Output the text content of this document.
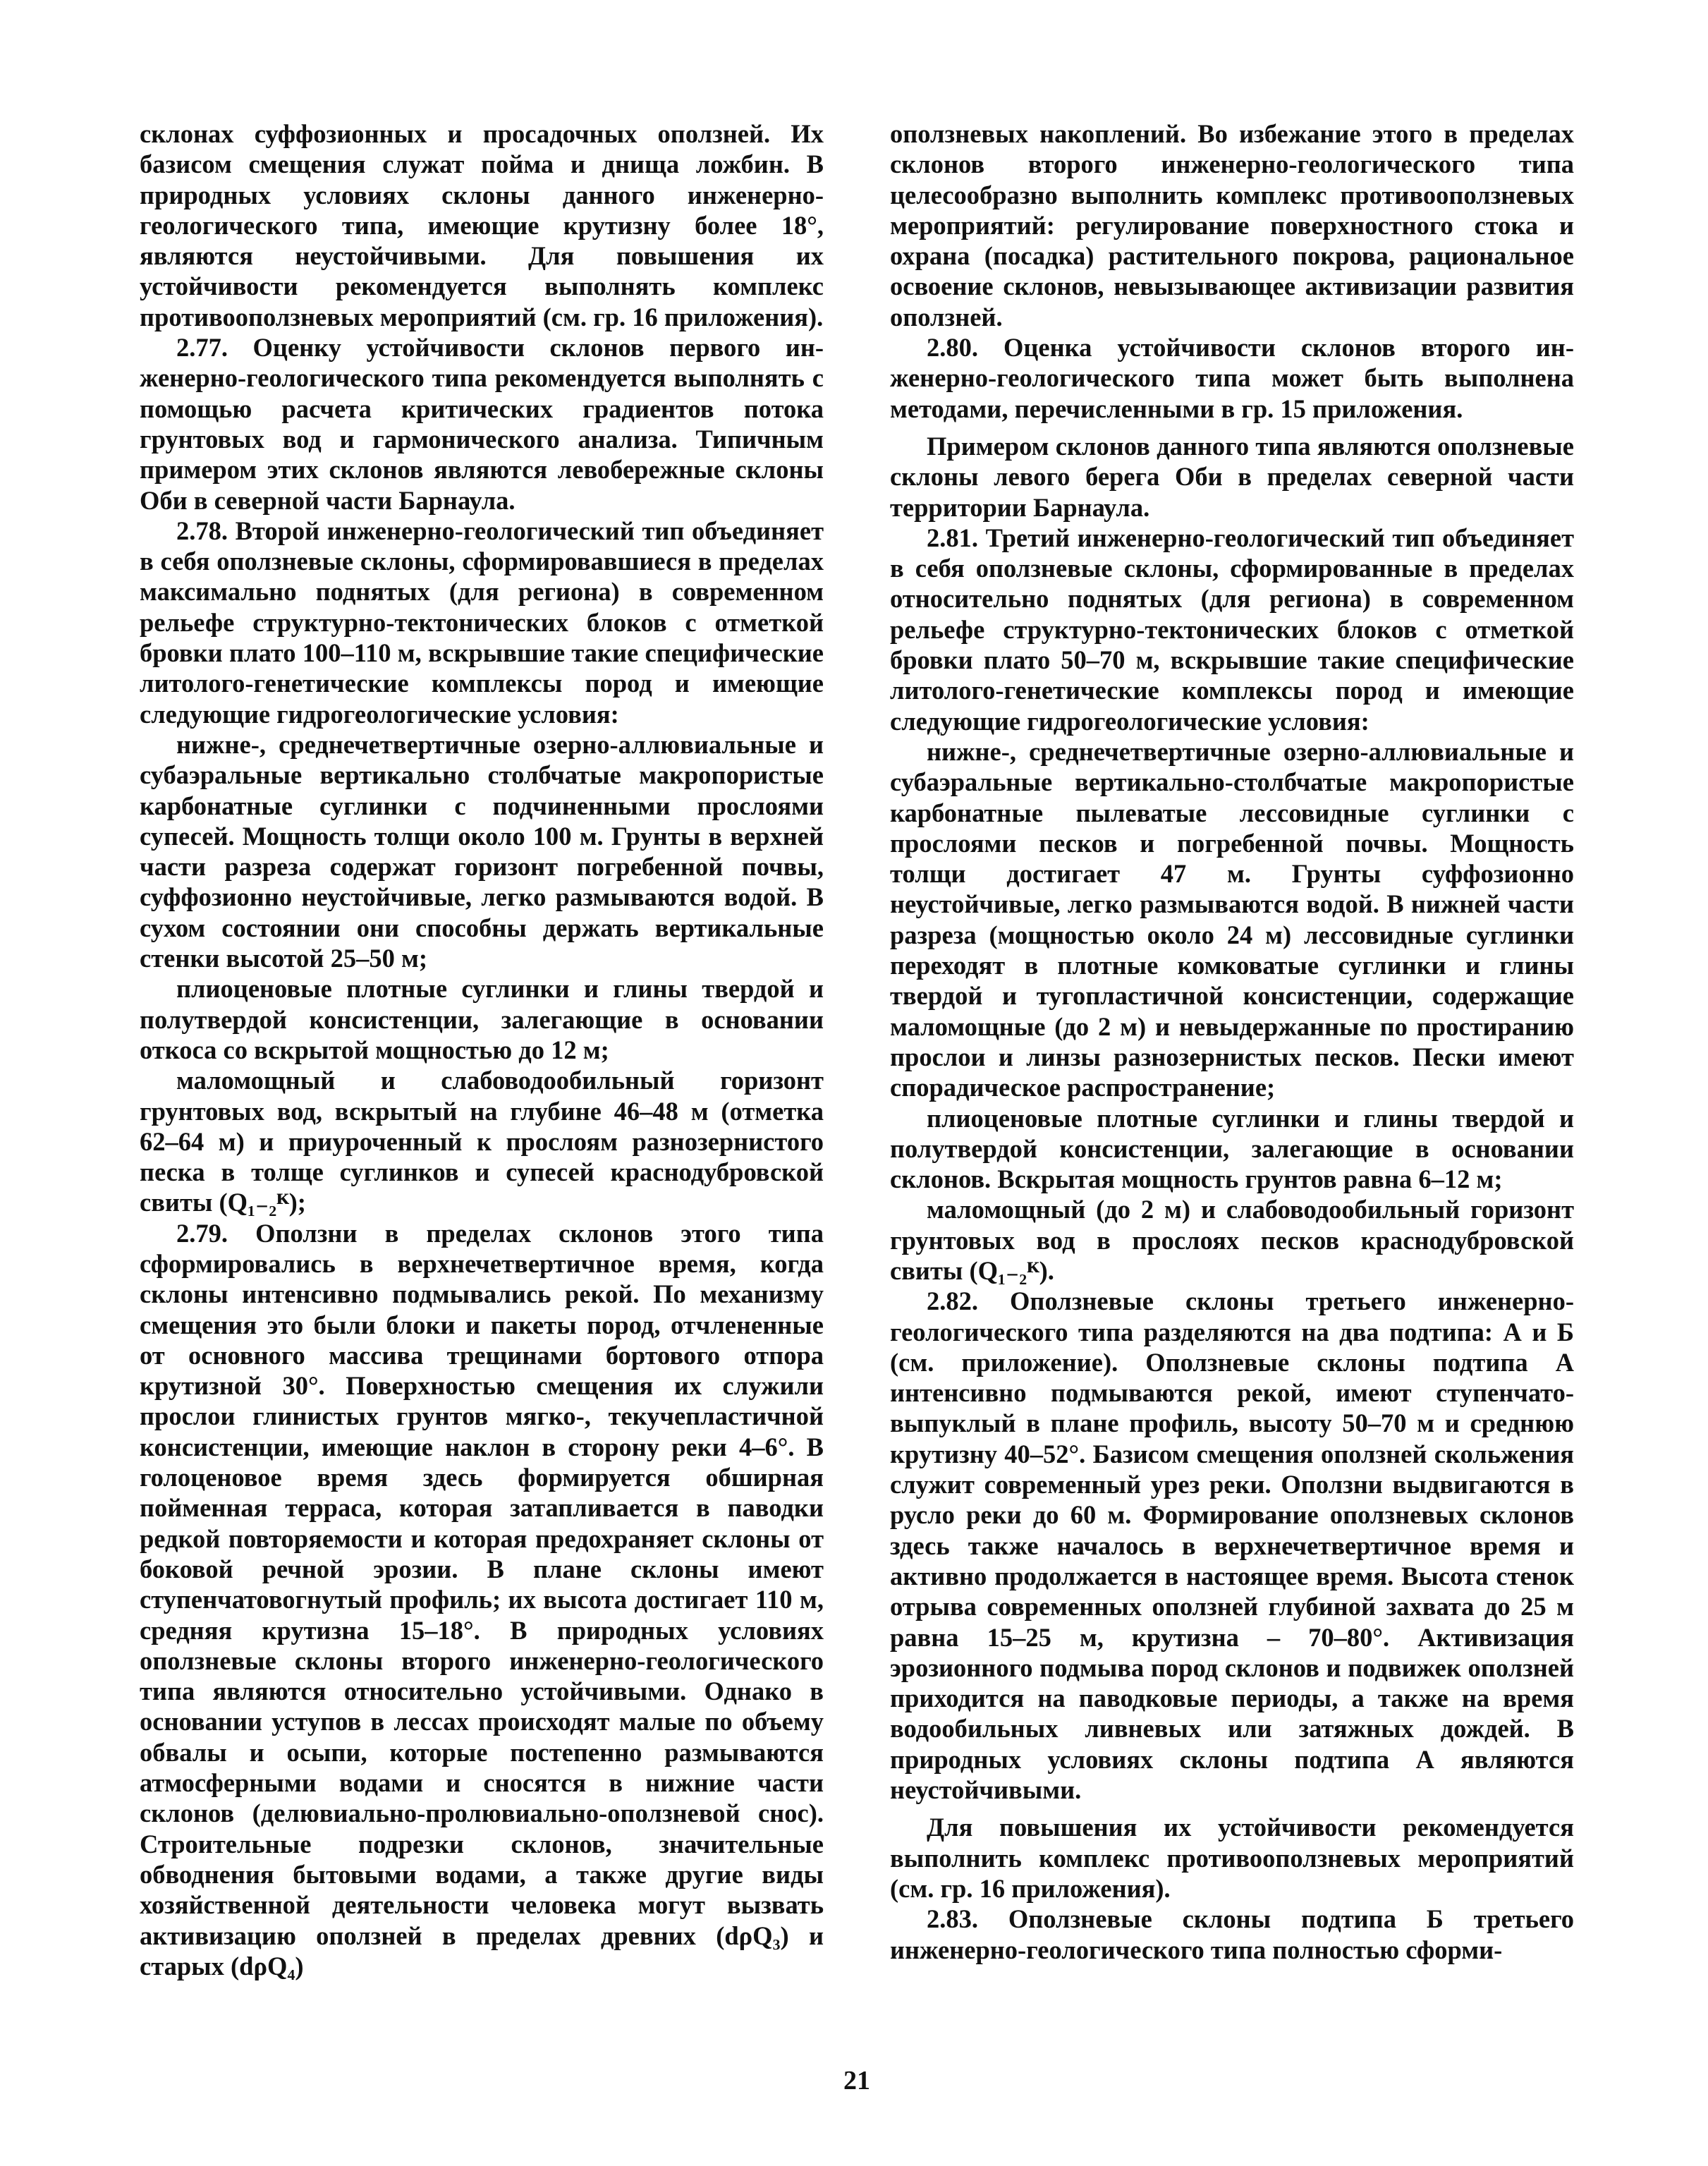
склонах суффозионных и просадочных оползней. Их базисом смещения служат пойма и днища ложбин. В природных условиях склоны данного инженерно-геологического типа, имеющие крутизну более 18°, являются неустойчивыми. Для повышения их устойчивости рекомендуется выполнять комплекс противооползневых мероприятий (см. гр. 16 приложения).

2.77. Оценку устойчивости склонов первого инженерно-геологического типа рекомендуется выполнять с помощью расчета критических градиентов потока грунтовых вод и гармонического анализа. Типичным примером этих склонов являются левобережные склоны Оби в северной части Барнаула.

2.78. Второй инженерно-геологический тип объединяет в себя оползневые склоны, сформировавшиеся в пределах максимально поднятых (для региона) в современном рельефе структурно-тектонических блоков с отметкой бровки плато 100–110 м, вскрывшие такие специфические литолого-генетические комплексы пород и имеющие следующие гидрогеологические условия:

нижне-, среднечетвертичные озерно-аллювиальные и субаэральные вертикально столбчатые макропористые карбонатные суглинки с подчиненными прослоями супесей. Мощность толщи около 100 м. Грунты в верхней части разреза содержат горизонт погребенной почвы, суффозионно неустойчивые, легко размываются водой. В сухом состоянии они способны держать вертикальные стенки высотой 25–50 м;

плиоценовые плотные суглинки и глины твердой и полутвердой консистенции, залегающие в основании откоса со вскрытой мощностью до 12 м;

маломощный и слабоводообильный горизонт грунтовых вод, вскрытый на глубине 46–48 м (отметка 62–64 м) и приуроченный к прослоям разнозернистого песка в толще суглинков и супесей краснодубровской свиты (Q₁₋₂ᴷ);

2.79. Оползни в пределах склонов этого типа сформировались в верхнечетвертичное время, когда склоны интенсивно подмывались рекой. По механизму смещения это были блоки и пакеты пород, отчлененные от основного массива трещинами бортового отпора крутизной 30°. Поверхностью смещения их служили прослои глинистых грунтов мягко-, текучепластичной консистенции, имеющие наклон в сторону реки 4–6°. В голоценовое время здесь формируется обширная пойменная терраса, которая затапливается в паводки редкой повторяемости и которая предохраняет склоны от боковой речной эрозии. В плане склоны имеют ступенчатовогнутый профиль; их высота достигает 110 м, средняя крутизна 15–18°. В природных условиях оползневые склоны второго инженерно-геологического типа являются относительно устойчивыми. Однако в основании уступов в лессах происходят малые по объему обвалы и осыпи, которые постепенно размываются атмосферными водами и сносятся в нижние части склонов (делювиально-пролювиально-оползневой снос). Строительные подрезки склонов, значительные обводнения бытовыми водами, а также другие виды хозяйственной деятельности человека могут вызвать активизацию оползней в пределах древних (dρQ₃) и старых (dρQ₄)

оползневых накоплений. Во избежание этого в пределах склонов второго инженерно-геологического типа целесообразно выполнить комплекс противооползневых мероприятий: регулирование поверхностного стока и охрана (посадка) растительного покрова, рациональное освоение склонов, невызывающее активизации развития оползней.

2.80. Оценка устойчивости склонов второго инженерно-геологического типа может быть выполнена методами, перечисленными в гр. 15 приложения.

Примером склонов данного типа являются оползневые склоны левого берега Оби в пределах северной части территории Барнаула.

2.81. Третий инженерно-геологический тип объединяет в себя оползневые склоны, сформированные в пределах относительно поднятых (для региона) в современном рельефе структурно-тектонических блоков с отметкой бровки плато 50–70 м, вскрывшие такие специфические литолого-генетические комплексы пород и имеющие следующие гидрогеологические условия:

нижне-, среднечетвертичные озерно-аллювиальные и субаэральные вертикально-столбчатые макропористые карбонатные пылеватые лессовидные суглинки с прослоями песков и погребенной почвы. Мощность толщи достигает 47 м. Грунты суффозионно неустойчивые, легко размываются водой. В нижней части разреза (мощностью около 24 м) лессовидные суглинки переходят в плотные комковатые суглинки и глины твердой и тугопластичной консистенции, содержащие маломощные (до 2 м) и невыдержанные по простиранию прослои и линзы разнозернистых песков. Пески имеют спорадическое распространение;

плиоценовые плотные суглинки и глины твердой и полутвердой консистенции, залегающие в основании склонов. Вскрытая мощность грунтов равна 6–12 м;

маломощный (до 2 м) и слабоводообильный горизонт грунтовых вод в прослоях песков краснодубровской свиты (Q₁₋₂ᴷ).

2.82. Оползневые склоны третьего инженерно-геологического типа разделяются на два подтипа: А и Б (см. приложение). Оползневые склоны подтипа А интенсивно подмываются рекой, имеют ступенчато-выпуклый в плане профиль, высоту 50–70 м и среднюю крутизну 40–52°. Базисом смещения оползней скольжения служит современный урез реки. Оползни выдвигаются в русло реки до 60 м. Формирование оползневых склонов здесь также началось в верхнечетвертичное время и активно продолжается в настоящее время. Высота стенок отрыва современных оползней глубиной захвата до 25 м равна 15–25 м, крутизна – 70–80°. Активизация эрозионного подмыва пород склонов и подвижек оползней приходится на паводковые периоды, а также на время водообильных ливневых или затяжных дождей. В природных условиях склоны подтипа А являются неустойчивыми.

Для повышения их устойчивости рекомендуется выполнить комплекс противооползневых мероприятий (см. гр. 16 приложения).

2.83. Оползневые склоны подтипа Б третьего инженерно-геологического типа полностью сформи-

21
